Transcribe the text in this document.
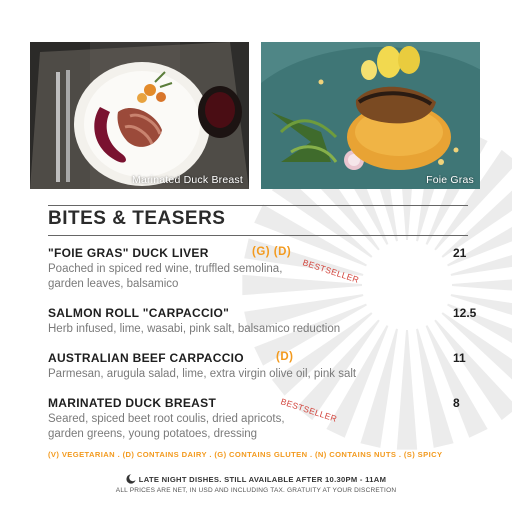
Marinated Duck Breast	Foie Gras
BITES & TEASERS
"FOIE GRAS" DUCK LIVER	(G) (D)	21
Poached in spiced red wine, truffled semolina,
garden leaves, balsamico	BESTSELLER
SALMON ROLL "CARPACCIO"	12.5
Herb infused, lime, wasabi, pink salt, balsamico reduction
AUSTRALIAN BEEF CARPACCIO	(D)	11
Parmesan, arugula salad, lime, extra virgin olive oil, pink salt
MARINATED DUCK BREAST	8
Seared, spiced beet root coulis, dried apricots,
garden greens, young potatoes, dressing
BESTSELLER
(V) VEGETARIAN . (D) CONTAINS DAIRY . (G) CONTAINS GLUTEN . (N) CONTAINS NUTS . (S) SPICY
LATE NIGHT DISHES. STILL AVAILABLE AFTER 10.30PM - 11AM
ALL PRICES ARE NET, IN USD AND INCLUDING TAX. GRATUITY AT YOUR DISCRETION
